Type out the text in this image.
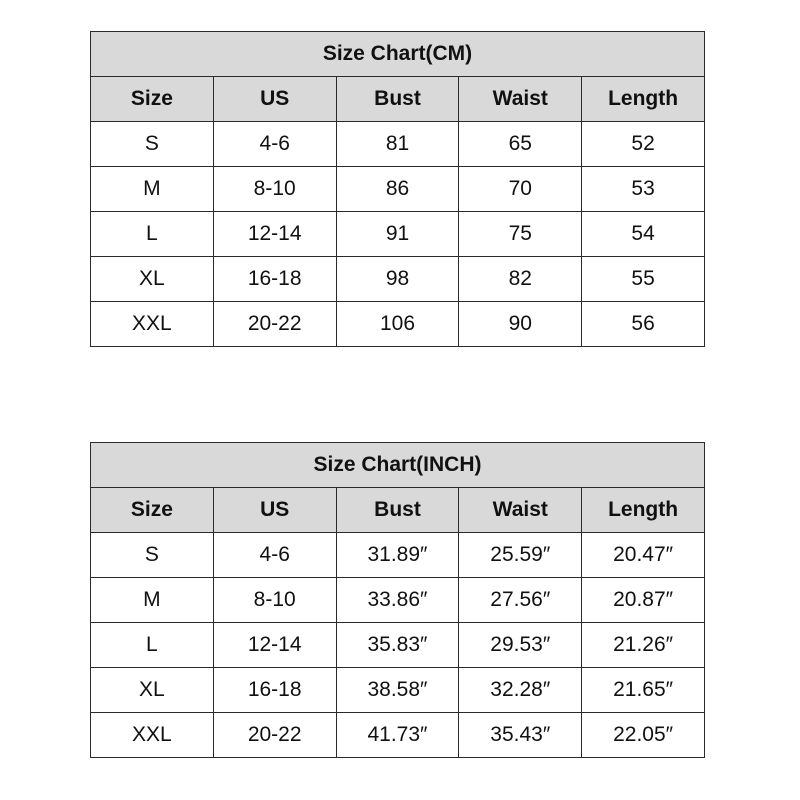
Size Chart(CM)				
Size	US	Bust	Waist	Length
S	4-6	81	65	52
M	8-10	86	70	53
L	12-14	91	75	54
XL	16-18	98	82	55
XXL	20-22	106	90	56
Size Chart(INCH)				
Size	US	Bust	Waist	Length
S	4-6	31.89″	25.59″	20.47″
M	8-10	33.86″	27.56″	20.87″
L	12-14	35.83″	29.53″	21.26″
XL	16-18	38.58″	32.28″	21.65″
XXL	20-22	41.73″	35.43″	22.05″
